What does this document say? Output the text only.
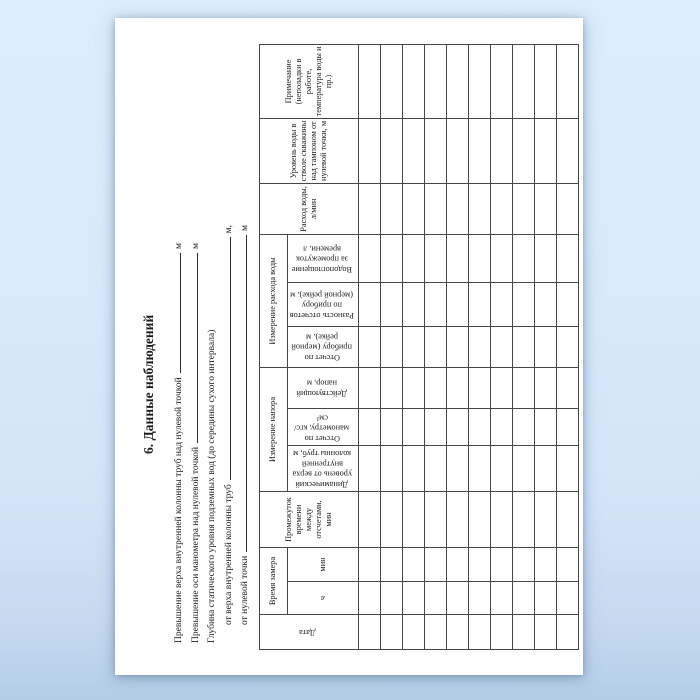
6. Данные наблюдений	Превышение верха внутренней колонны труб над нулевой точкой
м
Превышение оси манометра над нулевой точкой
м
Глубина статического уровня подземных вод (до середины сухого интервала) от верха внутренней колонны труб
м,
от нулевой точки
м
Дата	Время замера		Промежуток времени между отсчетами, мин	Измерение напора			Измерение расхода воды			Расход воды, л/мин	Уровень воды в стволе скважины над тампоном от нулевой точки, м	Примечание (неполадки в работе, температура воды и пр.)
	ч	мин		Динамический уровень от верха внутренней колонны труб, м	Отсчет по манометру, кгс/см²	Действующий напор, м	Отсчет по прибору (мерной рейке), м	Разность отсчетов по прибору (мерной рейке), м	Водопоглощение за промежуток времени, л			
